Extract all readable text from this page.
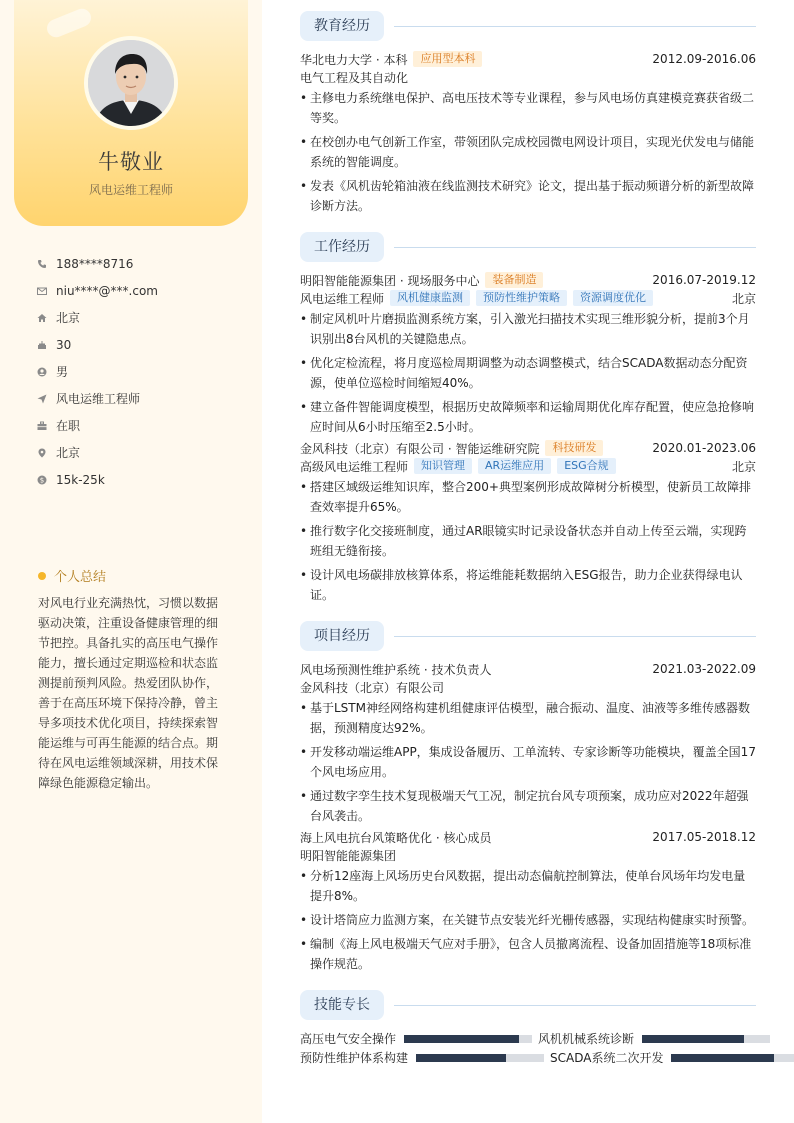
牛敬业
风电运维工程师
188****8716
niu****@***.com
北京
30
男
风电运维工程师
在职
北京
$ 15k-25k
个人总结
对风电行业充满热忱，习惯以数据驱动决策，注重设备健康管理的细节把控。具备扎实的高压电气操作能力，擅长通过定期巡检和状态监测提前预判风险。热爱团队协作，善于在高压环境下保持冷静，曾主导多项技术优化项目，持续探索智能运维与可再生能源的结合点。期待在风电运维领域深耕，用技术保障绿色能源稳定输出。
教育经历
华北电力大学 · 本科	应用型本科	2012.09-2016.06
电气工程及其自动化
• 主修电力系统继电保护、高电压技术等专业课程，参与风电场仿真建模竞赛获省级二等奖。
• 在校创办电气创新工作室，带领团队完成校园微电网设计项目，实现光伏发电与储能系统的智能调度。
• 发表《风机齿轮箱油液在线监测技术研究》论文，提出基于振动频谱分析的新型故障诊断方法。
工作经历
明阳智能能源集团 · 现场服务中心	装备制造	2016.07-2019.12
风电运维工程师	风机健康监测	预防性维护策略	资源调度优化	北京
• 制定风机叶片磨损监测系统方案，引入激光扫描技术实现三维形貌分析，提前3个月识别出8台风机的关键隐患点。
• 优化定检流程，将月度巡检周期调整为动态调整模式，结合SCADA数据动态分配资源，使单位巡检时间缩短40%。
• 建立备件智能调度模型，根据历史故障频率和运输周期优化库存配置，使应急抢修响应时间从6小时压缩至2.5小时。
金风科技（北京）有限公司 · 智能运维研究院	科技研发	2020.01-2023.06
高级风电运维工程师	知识管理	AR运维应用	ESG合规	北京
• 搭建区域级运维知识库，整合200+典型案例形成故障树分析模型，使新员工故障排查效率提升65%。
• 推行数字化交接班制度，通过AR眼镜实时记录设备状态并自动上传至云端，实现跨班组无缝衔接。
• 设计风电场碳排放核算体系，将运维能耗数据纳入ESG报告，助力企业获得绿电认证。
项目经历
风电场预测性维护系统 · 技术负责人	2021.03-2022.09
金风科技（北京）有限公司
• 基于LSTM神经网络构建机组健康评估模型，融合振动、温度、油液等多维传感器数据，预测精度达92%。
• 开发移动端运维APP，集成设备履历、工单流转、专家诊断等功能模块，覆盖全国17个风电场应用。
• 通过数字孪生技术复现极端天气工况，制定抗台风专项预案，成功应对2022年超强台风袭击。
海上风电抗台风策略优化 · 核心成员	2017.05-2018.12
明阳智能能源集团
• 分析12座海上风场历史台风数据，提出动态偏航控制算法，使单台风场年均发电量提升8%。
• 设计塔筒应力监测方案，在关键节点安装光纤光栅传感器，实现结构健康实时预警。
• 编制《海上风电极端天气应对手册》，包含人员撤离流程、设备加固措施等18项标准操作规范。
技能专长
高压电气安全操作	风机机械系统诊断
预防性维护体系构建	SCADA系统二次开发
